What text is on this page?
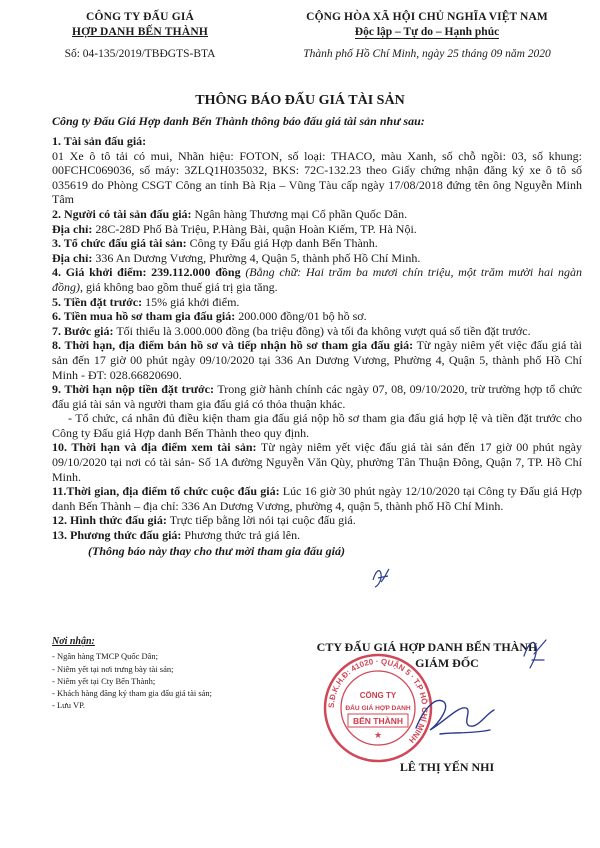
CÔNG TY ĐẤU GIÁ
HỢP DANH BẾN THÀNH
Số: 04-135/2019/TBĐGTS-BTA
CỘNG HÒA XÃ HỘI CHỦ NGHĨA VIỆT NAM
Độc lập – Tự do – Hạnh phúc
Thành phố Hồ Chí Minh, ngày 25 tháng 09 năm 2020
THÔNG BÁO ĐẤU GIÁ TÀI SẢN
Công ty Đấu Giá Hợp danh Bến Thành thông báo đấu giá tài sản như sau:

1. Tài sản đấu giá:

01 Xe ô tô tải có mui, Nhãn hiệu: FOTON, số loại: THACO, màu Xanh, số chỗ ngồi: 03, số khung: 00FCHC069036, số máy: 3ZLQ1H035032, BKS: 72C-132.23 theo Giấy chứng nhận đăng ký xe ô tô số 035619 do Phòng CSGT Công an tỉnh Bà Rịa – Vũng Tàu cấp ngày 17/08/2018 đứng tên ông Nguyễn Minh Tâm

2. Người có tài sản đấu giá: Ngân hàng Thương mại Cổ phần Quốc Dân.

Địa chỉ: 28C-28D Phố Bà Triệu, P.Hàng Bài, quận Hoàn Kiếm, TP. Hà Nội.

3. Tổ chức đấu giá tài sản: Công ty Đấu giá Hợp danh Bến Thành.

Địa chỉ: 336 An Dương Vương, Phường 4, Quận 5, thành phố Hồ Chí Minh.

4. Giá khởi điểm: 239.112.000 đồng (Bằng chữ: Hai trăm ba mươi chín triệu, một trăm mười hai ngàn đồng), giá không bao gồm thuế giá trị gia tăng.

5. Tiền đặt trước: 15% giá khởi điểm.

6. Tiền mua hồ sơ tham gia đấu giá: 200.000 đồng/01 bộ hồ sơ.

7. Bước giá: Tối thiểu là 3.000.000 đồng (ba triệu đồng) và tối đa không vượt quá số tiền đặt trước.

8. Thời hạn, địa điểm bán hồ sơ và tiếp nhận hồ sơ tham gia đấu giá: Từ ngày niêm yết việc đấu giá tài sản đến 17 giờ 00 phút ngày 09/10/2020 tại 336 An Dương Vương, Phường 4, Quận 5, thành phố Hồ Chí Minh - ĐT: 028.66820690.

9. Thời hạn nộp tiền đặt trước: Trong giờ hành chính các ngày 07, 08, 09/10/2020, trừ trường hợp tổ chức đấu giá tài sản và người tham gia đấu giá có thỏa thuận khác.

- Tổ chức, cá nhân đủ điều kiện tham gia đấu giá nộp hồ sơ tham gia đấu giá hợp lệ và tiền đặt trước cho Công ty Đấu giá Hợp danh Bến Thành theo quy định.

10. Thời hạn và địa điểm xem tài sản: Từ ngày niêm yết việc đấu giá tài sản đến 17 giờ 00 phút ngày 09/10/2020 tại nơi có tài sản- Số 1A đường Nguyễn Văn Qùy, phường Tân Thuận Đông, Quận 7, TP. Hồ Chí Minh.

11.Thời gian, địa điểm tổ chức cuộc đấu giá: Lúc 16 giờ 30 phút ngày 12/10/2020 tại Công ty Đấu giá Hợp danh Bến Thành – địa chỉ: 336 An Dương Vương, phường 4, quận 5, thành phố Hồ Chí Minh.

12. Hình thức đấu giá: Trực tiếp bằng lời nói tại cuộc đấu giá.

13. Phương thức đấu giá: Phương thức trả giá lên.

(Thông báo này thay cho thư mời tham gia đấu giá)

Nơi nhận:
- Ngân hàng TMCP Quốc Dân;
- Niêm yết tại nơi trưng bày tài sản;
- Niêm yết tại Cty Bến Thành;
- Khách hàng đăng ký tham gia đấu giá tài sản;
- Lưu VP.
CTY ĐẤU GIÁ HỢP DANH BẾN THÀNH
GIÁM ĐỐC
LÊ THỊ YẾN NHI
S.Đ.K.H.Đ: 41020 · QUẬN 5 · T.P HỒ CHÍ MINH
CÔNG TY
ĐẤU GIÁ HỢP DANH
BẾN THÀNH
★
